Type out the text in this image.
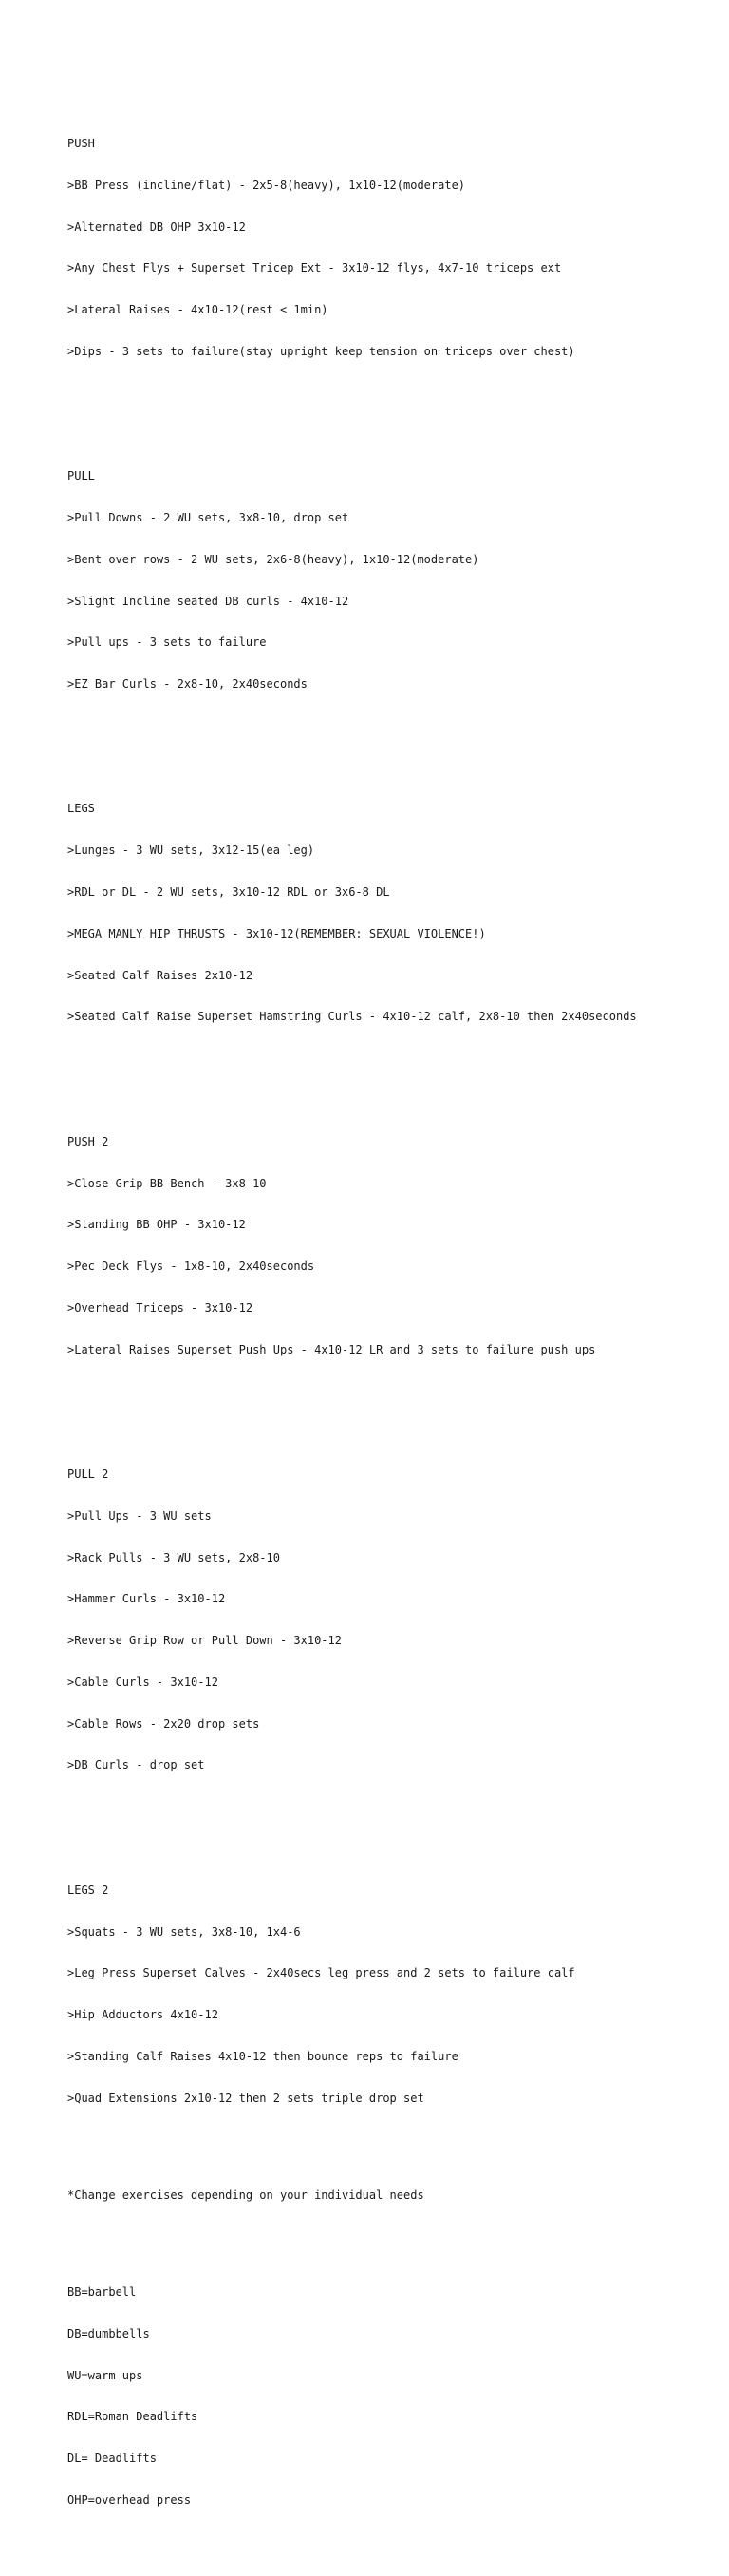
PUSH

>BB Press (incline/flat) - 2x5-8(heavy), 1x10-12(moderate)

>Alternated DB OHP 3x10-12

>Any Chest Flys + Superset Tricep Ext - 3x10-12 flys, 4x7-10 triceps ext

>Lateral Raises - 4x10-12(rest < 1min)

>Dips - 3 sets to failure(stay upright keep tension on triceps over chest)

PULL

>Pull Downs - 2 WU sets, 3x8-10, drop set

>Bent over rows - 2 WU sets, 2x6-8(heavy), 1x10-12(moderate)

>Slight Incline seated DB curls - 4x10-12

>Pull ups - 3 sets to failure

>EZ Bar Curls - 2x8-10, 2x40seconds

LEGS

>Lunges - 3 WU sets, 3x12-15(ea leg)

>RDL or DL - 2 WU sets, 3x10-12 RDL or 3x6-8 DL

>MEGA MANLY HIP THRUSTS - 3x10-12(REMEMBER: SEXUAL VIOLENCE!)

>Seated Calf Raises 2x10-12

>Seated Calf Raise Superset Hamstring Curls - 4x10-12 calf, 2x8-10 then 2x40seconds

PUSH 2

>Close Grip BB Bench - 3x8-10

>Standing BB OHP - 3x10-12

>Pec Deck Flys - 1x8-10, 2x40seconds

>Overhead Triceps - 3x10-12

>Lateral Raises Superset Push Ups - 4x10-12 LR and 3 sets to failure push ups

PULL 2

>Pull Ups - 3 WU sets

>Rack Pulls - 3 WU sets, 2x8-10

>Hammer Curls - 3x10-12

>Reverse Grip Row or Pull Down - 3x10-12

>Cable Curls - 3x10-12

>Cable Rows - 2x20 drop sets

>DB Curls - drop set

LEGS 2

>Squats - 3 WU sets, 3x8-10, 1x4-6

>Leg Press Superset Calves - 2x40secs leg press and 2 sets to failure calf

>Hip Adductors 4x10-12

>Standing Calf Raises 4x10-12 then bounce reps to failure

>Quad Extensions 2x10-12 then 2 sets triple drop set

*Change exercises depending on your individual needs

BB=barbell

DB=dumbbells

WU=warm ups

RDL=Roman Deadlifts

DL= Deadlifts

OHP=overhead press
